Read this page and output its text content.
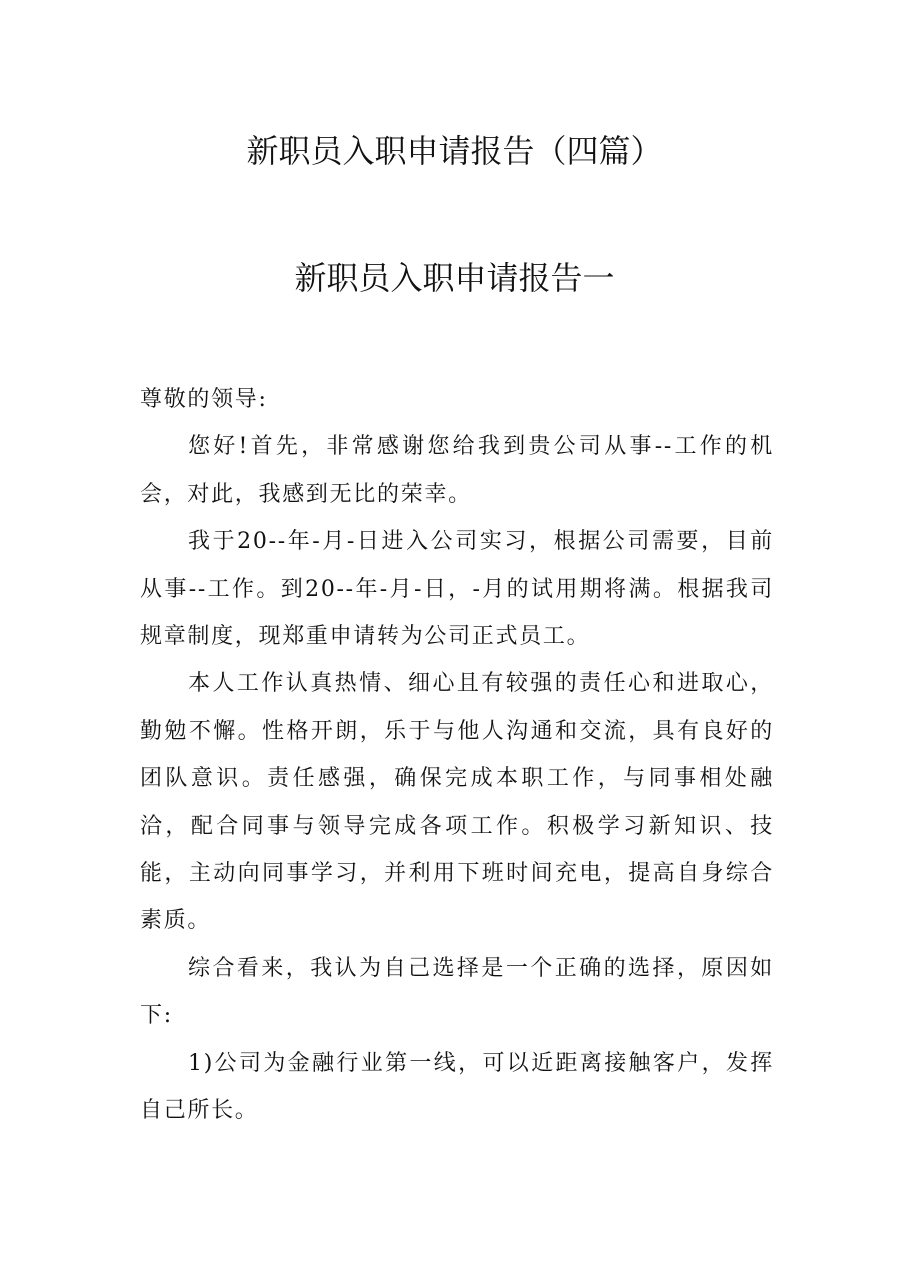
新职员入职申请报告（四篇）
新职员入职申请报告一

尊敬的领导:

您好!首先，非常感谢您给我到贵公司从事--工作的机会，对此，我感到无比的荣幸。

我于20--年-月-日进入公司实习，根据公司需要，目前从事--工作。到20--年-月-日，-月的试用期将满。根据我司规章制度，现郑重申请转为公司正式员工。

本人工作认真热情、细心且有较强的责任心和进取心，勤勉不懈。性格开朗，乐于与他人沟通和交流，具有良好的团队意识。责任感强，确保完成本职工作，与同事相处融洽，配合同事与领导完成各项工作。积极学习新知识、技能，主动向同事学习，并利用下班时间充电，提高自身综合素质。

综合看来，我认为自己选择是一个正确的选择，原因如下:

1)公司为金融行业第一线，可以近距离接触客户，发挥自己所长。
